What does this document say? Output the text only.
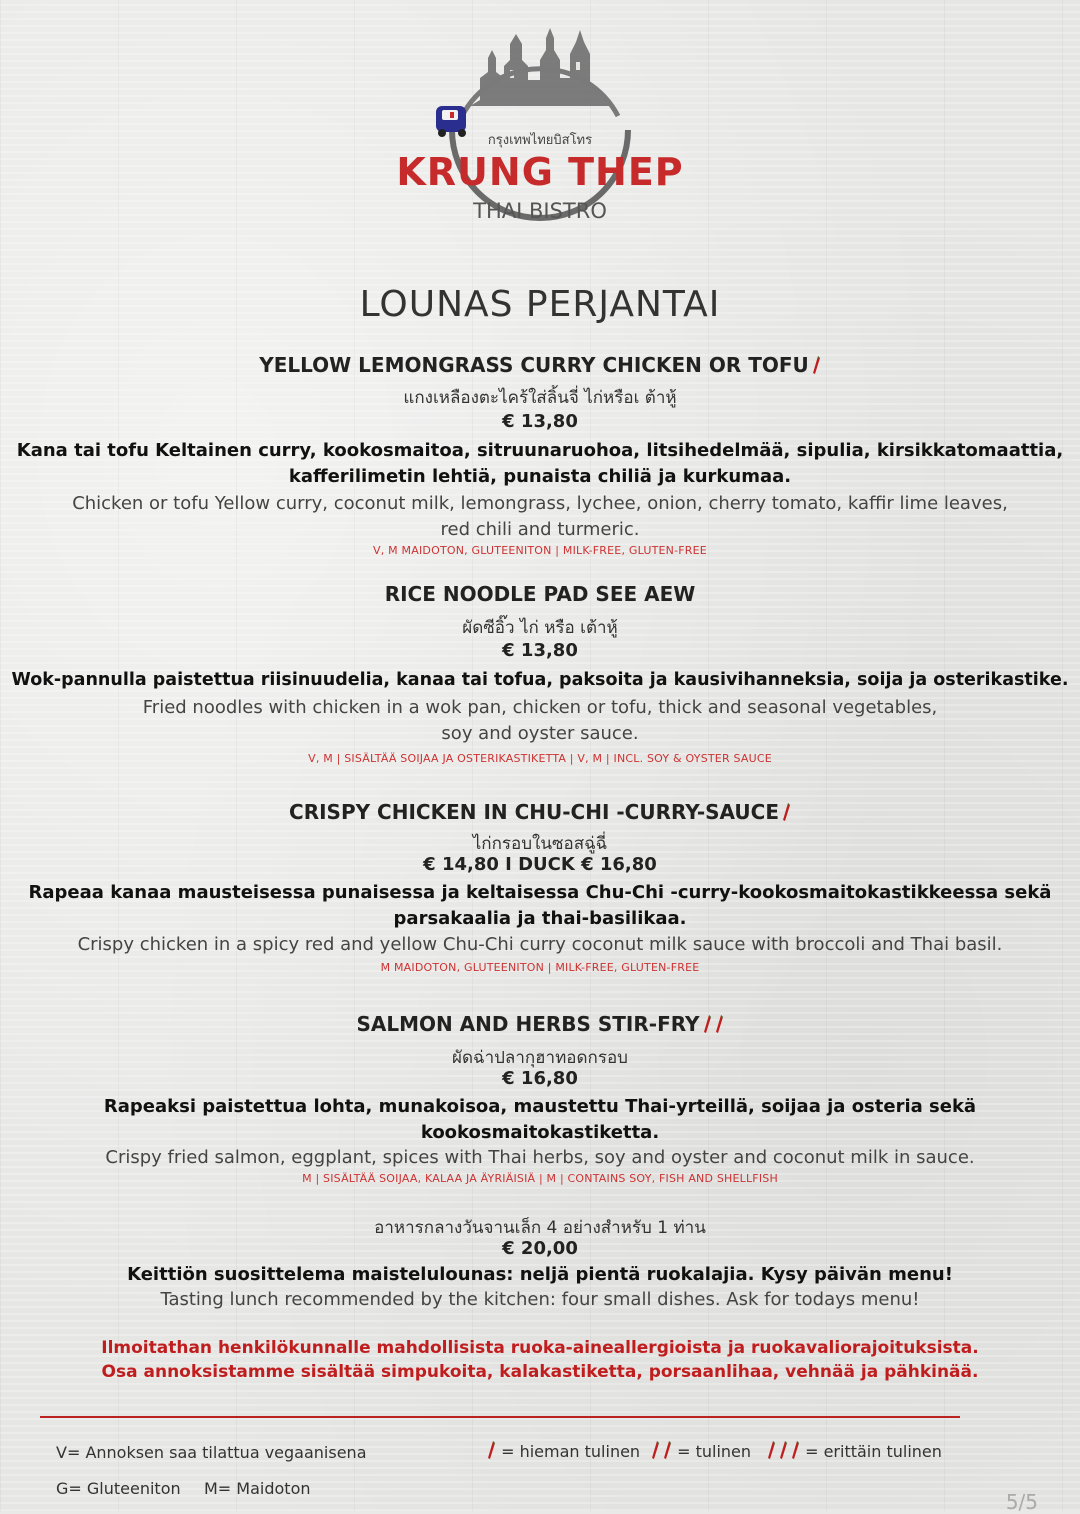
กรุงเทพไทยบิสโทร
KRUNG THEP
THAI BISTRO
LOUNAS PERJANTAI
YELLOW LEMONGRASS CURRY CHICKEN OR TOFU
แกงเหลืองตะไคร้ใส่ลิ้นจี่ ไก่หรือเ ต้าหู้
€ 13,80
Kana tai tofu Keltainen curry, kookosmaitoa, sitruunaruohoa, litsihedelmää, sipulia, kirsikkatomaattia,
kafferilimetin lehtiä, punaista chiliä ja kurkumaa.
Chicken or tofu Yellow curry, coconut milk, lemongrass, lychee, onion, cherry tomato, kaffir lime leaves,
red chili and turmeric.
V, M MAIDOTON, GLUTEENITON | MILK-FREE, GLUTEN-FREE
RICE NOODLE PAD SEE AEW
ผัดซีอิ๊ว ไก่ หรือ เต้าหู้
€ 13,80
Wok-pannulla paistettua riisinuudelia, kanaa tai tofua, paksoita ja kausivihanneksia, soija ja osterikastike.
Fried noodles with chicken in a wok pan, chicken or tofu, thick and seasonal vegetables,
soy and oyster sauce.
V, M | SISÄLTÄÄ SOIJAA JA OSTERIKASTIKETTA | V, M | INCL. SOY & OYSTER SAUCE
CRISPY CHICKEN IN CHU-CHI -CURRY-SAUCE
ไก่กรอบในซอสฉู่ฉี่
€ 14,80 I DUCK € 16,80
Rapeaa kanaa mausteisessa punaisessa ja keltaisessa Chu-Chi -curry-kookosmaitokastikkeessa sekä
parsakaalia ja thai-basilikaa.
Crispy chicken in a spicy red and yellow Chu-Chi curry coconut milk sauce with broccoli and Thai basil.
M MAIDOTON, GLUTEENITON | MILK-FREE, GLUTEN-FREE
SALMON AND HERBS STIR-FRY
ผัดฉ่าปลากุฮาทอดกรอบ
€ 16,80
Rapeaksi paistettua lohta, munakoisoa, maustettu Thai-yrteillä, soijaa ja osteria sekä
kookosmaitokastiketta.
Crispy fried salmon, eggplant, spices with Thai herbs, soy and oyster and coconut milk in sauce.
M | SISÄLTÄÄ SOIJAA, KALAA JA ÄYRIÄISIÄ | M | CONTAINS SOY, FISH AND SHELLFISH
อาหารกลางวันจานเล็ก 4 อย่างสำหรับ 1 ท่าน
€ 20,00
Keittiön suosittelema maistelulounas: neljä pientä ruokalajia. Kysy päivän menu!
Tasting lunch recommended by the kitchen: four small dishes. Ask for todays menu!
Ilmoitathan henkilökunnalle mahdollisista ruoka-aineallergioista ja ruokavaliorajoituksista.
Osa annoksistamme sisältää simpukoita, kalakastiketta, porsaanlihaa, vehnää ja pähkinää.
V= Annoksen saa tilattua vegaanisena
G= Gluteeniton M= Maidoton
= hieman tulinen	= tulinen	= erittäin tulinen
5/5
